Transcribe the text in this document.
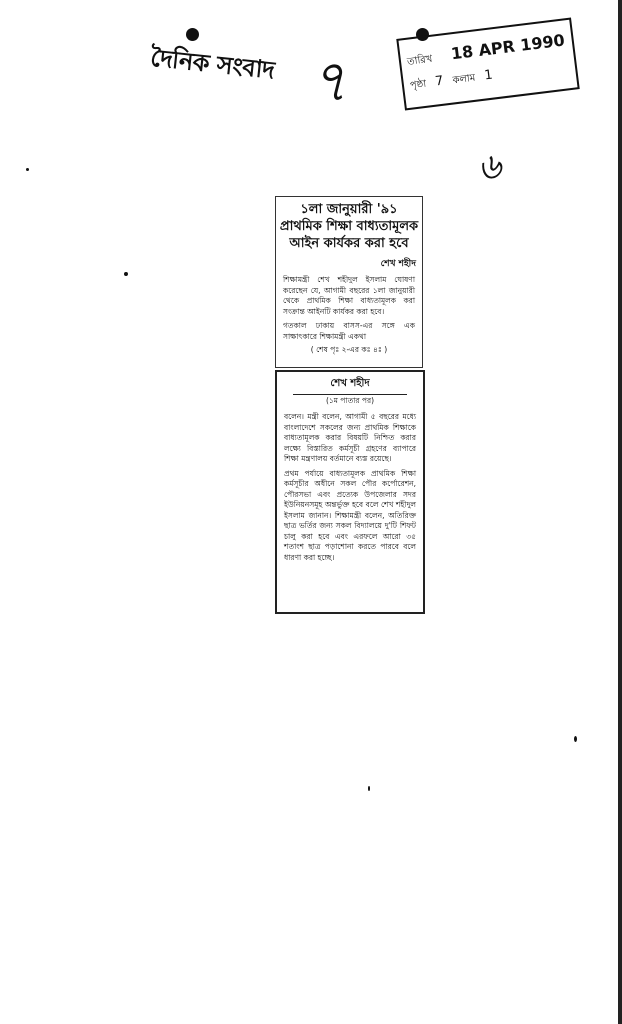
দৈনিক সংবাদ ৭
৬
তারিখ 18 APR 1990
পৃষ্ঠা 7 কলাম 1
১লা জানুয়ারী '৯১ প্রাথমিক শিক্ষা বাধ্যতামূলক আইন কার্যকর করা হবে
শেখ শহীদ
শিক্ষামন্ত্রী শেখ শহীদুল ইসলাম ঘোষণা করেছেন যে, আগামী বছরের ১লা জানুয়ারী থেকে প্রাথমিক শিক্ষা বাধ্যতামূলক করা সংক্রান্ত আইনটি কার্যকর করা হবে।
গতকাল ঢাকায় বাসস-এর সঙ্গে এক সাক্ষাৎকারে শিক্ষামন্ত্রী একথা
( শেষ পৃঃ ২-এর কঃ ৪ঃ )
শেখ শহীদ
(১ম পাতার পর)
বলেন। মন্ত্রী বলেন, আগামী ৫ বছরের মধ্যে বাংলাদেশে সকলের জন্য প্রাথমিক শিক্ষাকে বাধ্যতামূলক করার বিষয়টি নিশ্চিত করার লক্ষ্যে বিস্তারিত কর্মসূচী গ্রহণের ব্যাপারে শিক্ষা মন্ত্রণালয় বর্তমানে ব্যস্ত রয়েছে।
প্রথম পর্যায়ে বাধ্যতামূলক প্রাথমিক শিক্ষা কর্মসূচীর অধীনে সকল পৌর কর্পোরেশন, পৌরসভা এবং প্রত্যেক উপজেলার সদর ইউনিয়নসমূহ অন্তর্ভুক্ত হবে বলে শেখ শহীদুল ইসলাম জানান। শিক্ষামন্ত্রী বলেন, অতিরিক্ত ছাত্র ভর্তির জন্য সকল বিদ্যালয়ে দু'টি শিফট চালু করা হবে এবং এরফলে আরো ৩৫ শতাংশ ছাত্র পড়াশোনা করতে পারবে বলে ধারণা করা হচ্ছে।
